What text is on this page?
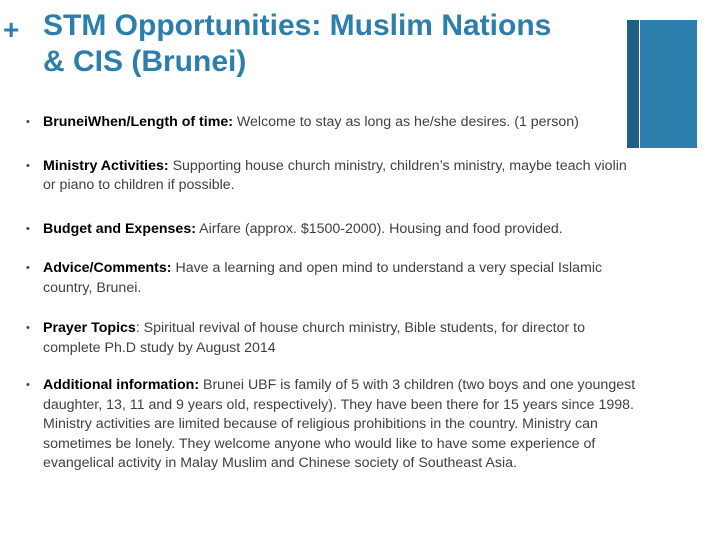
+ STM Opportunities: Muslim Nations
& CIS (Brunei)
• BruneiWhen/Length of time: Welcome to stay as long as he/she desires. (1 person)
• Ministry Activities: Supporting house church ministry, children’s ministry, maybe teach violin or piano to children if possible.
• Budget and Expenses: Airfare (approx. $1500-2000). Housing and food provided.
• Advice/Comments: Have a learning and open mind to understand a very special Islamic country, Brunei.
• Prayer Topics: Spiritual revival of house church ministry, Bible students, for director to complete Ph.D study by August 2014
• Additional information: Brunei UBF is family of 5 with 3 children (two boys and one youngest daughter, 13, 11 and 9 years old, respectively). They have been there for 15 years since 1998. Ministry activities are limited because of religious prohibitions in the country. Ministry can sometimes be lonely. They welcome anyone who would like to have some experience of evangelical activity in Malay Muslim and Chinese society of Southeast Asia.
